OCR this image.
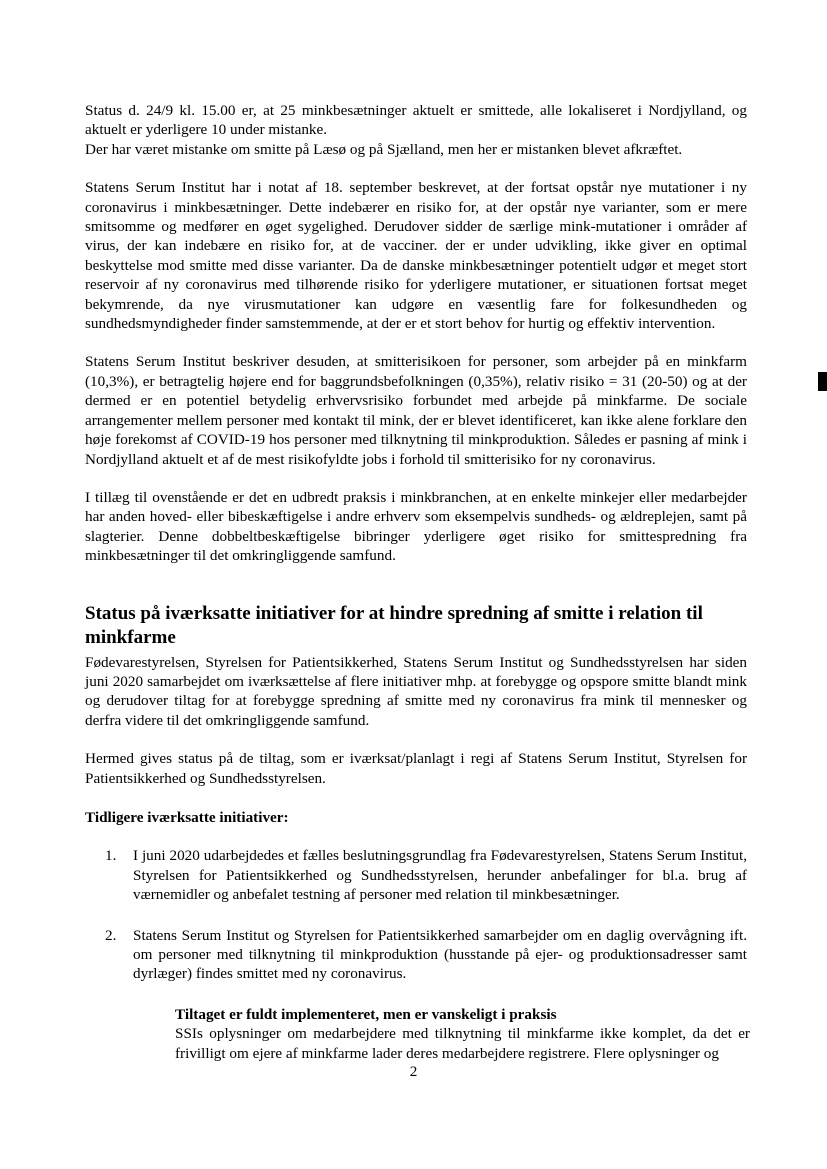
Status d. 24/9 kl. 15.00 er, at 25 minkbesætninger aktuelt er smittede, alle lokaliseret i Nordjylland, og aktuelt er yderligere 10 under mistanke.
Der har været mistanke om smitte på Læsø og på Sjælland, men her er mistanken blevet afkræftet.

Statens Serum Institut har i notat af 18. september beskrevet, at der fortsat opstår nye mutationer i ny coronavirus i minkbesætninger. Dette indebærer en risiko for, at der opstår nye varianter, som er mere smitsomme og medfører en øget sygelighed. Derudover sidder de særlige mink-mutationer i områder af virus, der kan indebære en risiko for, at de vacciner. der er under udvikling, ikke giver en optimal beskyttelse mod smitte med disse varianter. Da de danske minkbesætninger potentielt udgør et meget stort reservoir af ny coronavirus med tilhørende risiko for yderligere mutationer, er situationen fortsat meget bekymrende, da nye virusmutationer kan udgøre en væsentlig fare for folkesundheden og sundhedsmyndigheder finder samstemmende, at der er et stort behov for hurtig og effektiv intervention.

Statens Serum Institut beskriver desuden, at smitterisikoen for personer, som arbejder på en minkfarm (10,3%), er betragtelig højere end for baggrundsbefolkningen (0,35%), relativ risiko = 31 (20-50) og at der dermed er en potentiel betydelig erhvervsrisiko forbundet med arbejde på minkfarme. De sociale arrangementer mellem personer med kontakt til mink, der er blevet identificeret, kan ikke alene forklare den høje forekomst af COVID-19 hos personer med tilknytning til minkproduktion. Således er pasning af mink i Nordjylland aktuelt et af de mest risikofyldte jobs i forhold til smitterisiko for ny coronavirus.

I tillæg til ovenstående er det en udbredt praksis i minkbranchen, at en enkelte minkejer eller medarbejder har anden hoved- eller bibeskæftigelse i andre erhverv som eksempelvis sundheds- og ældreplejen, samt på slagterier. Denne dobbeltbeskæftigelse bibringer yderligere øget risiko for smittespredning fra minkbesætninger til det omkringliggende samfund.

Status på iværksatte initiativer for at hindre spredning af smitte i relation til minkfarme

Fødevarestyrelsen, Styrelsen for Patientsikkerhed, Statens Serum Institut og Sundhedsstyrelsen har siden juni 2020 samarbejdet om iværksættelse af flere initiativer mhp. at forebygge og opspore smitte blandt mink og derudover tiltag for at forebygge spredning af smitte med ny coronavirus fra mink til mennesker og derfra videre til det omkringliggende samfund.

Hermed gives status på de tiltag, som er iværksat/planlagt i regi af Statens Serum Institut, Styrelsen for Patientsikkerhed og Sundhedsstyrelsen.

Tidligere iværksatte initiativer:

1.	I juni 2020 udarbejdedes et fælles beslutningsgrundlag fra Fødevarestyrelsen, Statens Serum Institut, Styrelsen for Patientsikkerhed og Sundhedsstyrelsen, herunder anbefalinger for bl.a. brug af værnemidler og anbefalet testning af personer med relation til minkbesætninger.
2.	Statens Serum Institut og Styrelsen for Patientsikkerhed samarbejder om en daglig overvågning ift. om personer med tilknytning til minkproduktion (husstande på ejer- og produktionsadresser samt dyrlæger) findes smittet med ny coronavirus.
Tiltaget er fuldt implementeret, men er vanskeligt i praksis
SSIs oplysninger om medarbejdere med tilknytning til minkfarme ikke komplet, da det er frivilligt om ejere af minkfarme lader deres medarbejdere registrere. Flere oplysninger og
2
